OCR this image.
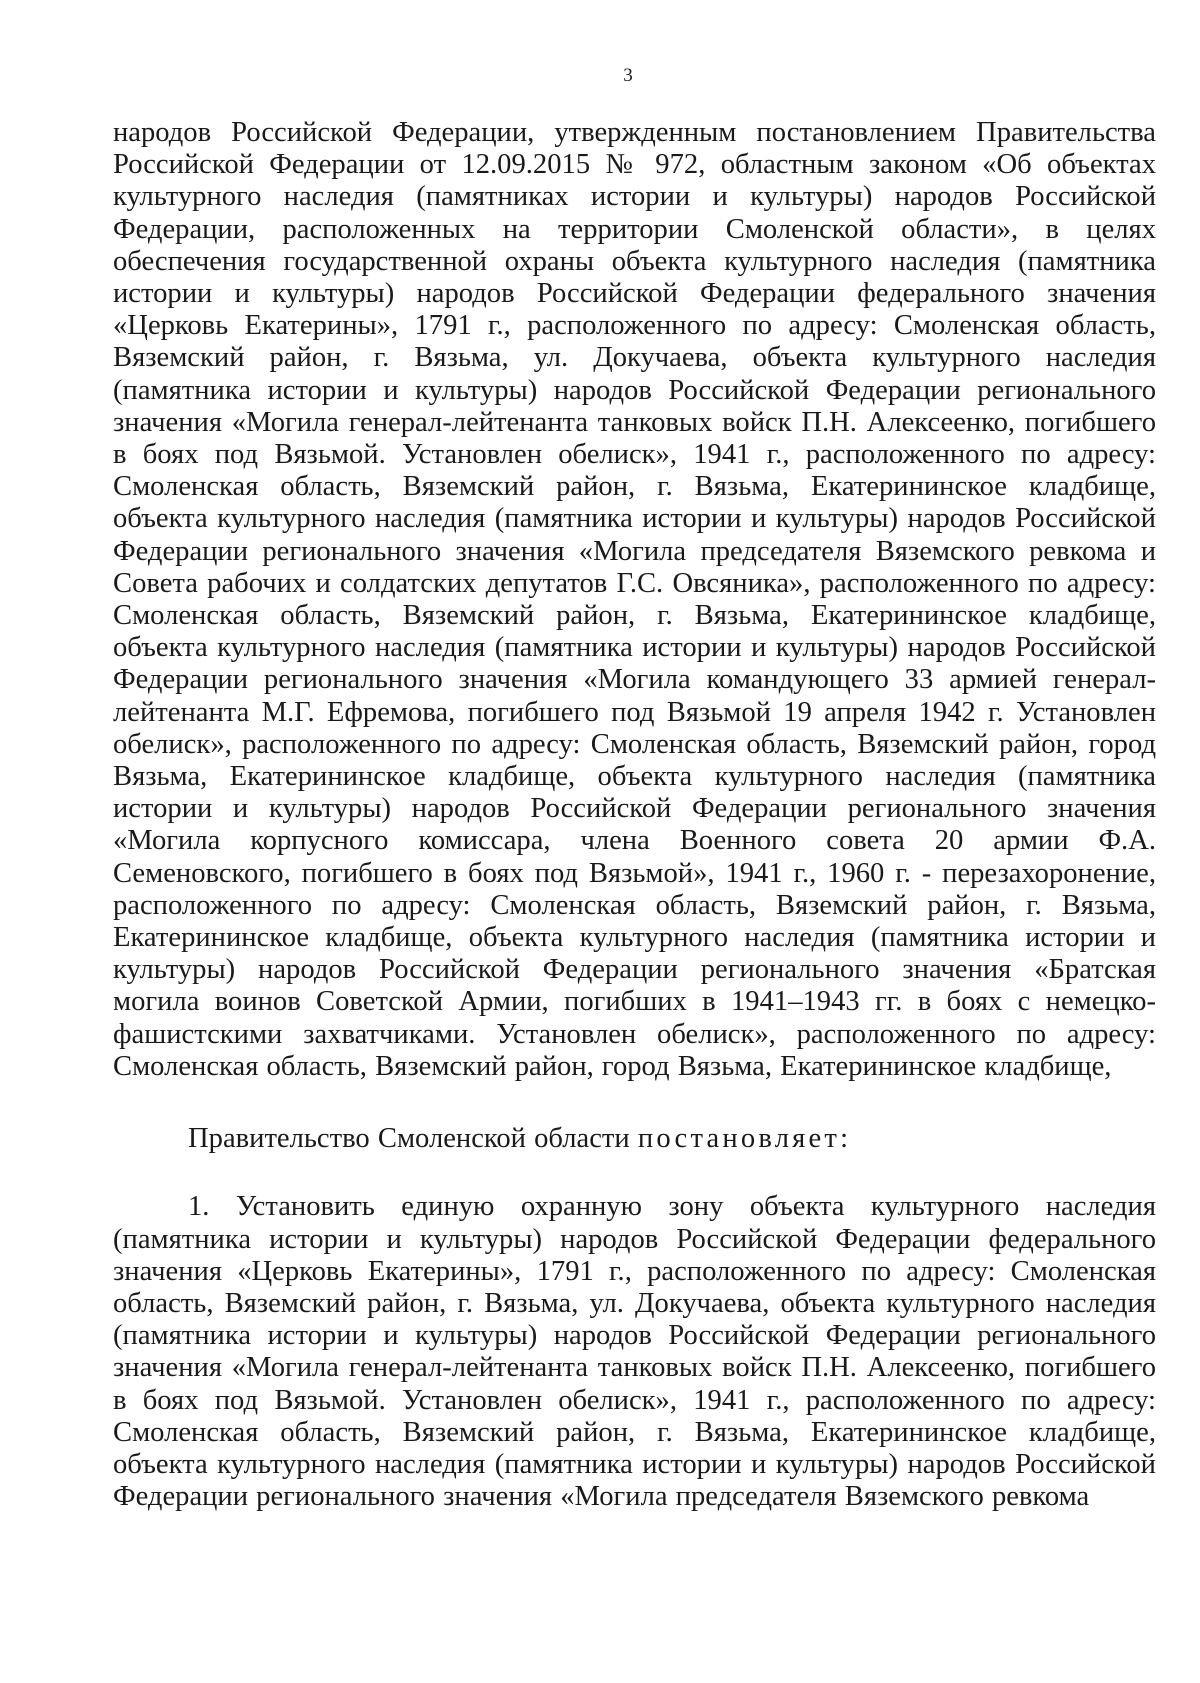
3

народов Российской Федерации, утвержденным постановлением Правительства Российской Федерации от 12.09.2015 № 972, областным законом «Об объектах культурного наследия (памятниках истории и культуры) народов Российской Федерации, расположенных на территории Смоленской области», в целях обеспечения государственной охраны объекта культурного наследия (памятника истории и культуры) народов Российской Федерации федерального значения «Церковь Екатерины», 1791 г., расположенного по адресу: Смоленская область, Вяземский район, г. Вязьма, ул. Докучаева, объекта культурного наследия (памятника истории и культуры) народов Российской Федерации регионального значения «Могила генерал-лейтенанта танковых войск П.Н. Алексеенко, погибшего в боях под Вязьмой. Установлен обелиск», 1941 г., расположенного по адресу: Смоленская область, Вяземский район, г. Вязьма, Екатерининское кладбище, объекта культурного наследия (памятника истории и культуры) народов Российской Федерации регионального значения «Могила председателя Вяземского ревкома и Совета рабочих и солдатских депутатов Г.С. Овсяника», расположенного по адресу: Смоленская область, Вяземский район, г. Вязьма, Екатерининское кладбище, объекта культурного наследия (памятника истории и культуры) народов Российской Федерации регионального значения «Могила командующего 33 армией генерал-лейтенанта М.Г. Ефремова, погибшего под Вязьмой 19 апреля 1942 г. Установлен обелиск», расположенного по адресу: Смоленская область, Вяземский район, город Вязьма, Екатерининское кладбище, объекта культурного наследия (памятника истории и культуры) народов Российской Федерации регионального значения «Могила корпусного комиссара, члена Военного совета 20 армии Ф.А. Семеновского, погибшего в боях под Вязьмой», 1941 г., 1960 г. - перезахоронение, расположенного по адресу: Смоленская область, Вяземский район, г. Вязьма, Екатерининское кладбище, объекта культурного наследия (памятника истории и культуры) народов Российской Федерации регионального значения «Братская могила воинов Советской Армии, погибших в 1941–1943 гг. в боях с немецко-фашистскими захватчиками. Установлен обелиск», расположенного по адресу: Смоленская область, Вяземский район, город Вязьма, Екатерининское кладбище,

Правительство Смоленской области постановляет:

1. Установить единую охранную зону объекта культурного наследия (памятника истории и культуры) народов Российской Федерации федерального значения «Церковь Екатерины», 1791 г., расположенного по адресу: Смоленская область, Вяземский район, г. Вязьма, ул. Докучаева, объекта культурного наследия (памятника истории и культуры) народов Российской Федерации регионального значения «Могила генерал-лейтенанта танковых войск П.Н. Алексеенко, погибшего в боях под Вязьмой. Установлен обелиск», 1941 г., расположенного по адресу: Смоленская область, Вяземский район, г. Вязьма, Екатерининское кладбище, объекта культурного наследия (памятника истории и культуры) народов Российской Федерации регионального значения «Могила председателя Вяземского ревкома
